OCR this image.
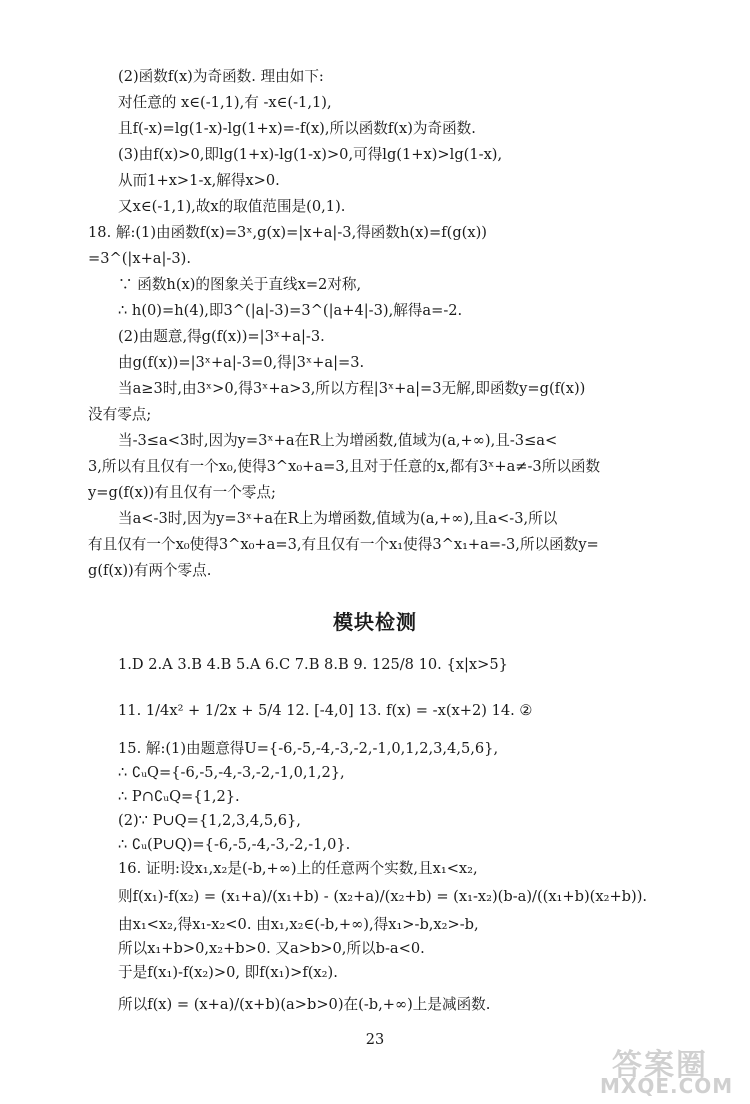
(2)函数f(x)为奇函数. 理由如下:
对任意的 x∈(-1,1),有 -x∈(-1,1),
且f(-x)=lg(1-x)-lg(1+x)=-f(x),所以函数f(x)为奇函数.
(3)由f(x)>0,即lg(1+x)-lg(1-x)>0,可得lg(1+x)>lg(1-x),
从而1+x>1-x,解得x>0.
又x∈(-1,1),故x的取值范围是(0,1).
18. 解:(1)由函数f(x)=3ˣ,g(x)=|x+a|-3,得函数h(x)=f(g(x))
=3^(|x+a|-3).
∵ 函数h(x)的图象关于直线x=2对称,
∴ h(0)=h(4),即3^(|a|-3)=3^(|a+4|-3),解得a=-2.
(2)由题意,得g(f(x))=|3ˣ+a|-3.
由g(f(x))=|3ˣ+a|-3=0,得|3ˣ+a|=3.
当a≥3时,由3ˣ>0,得3ˣ+a>3,所以方程|3ˣ+a|=3无解,即函数y=g(f(x))
没有零点;
当-3≤a<3时,因为y=3ˣ+a在R上为增函数,值域为(a,+∞),且-3≤a<
3,所以有且仅有一个x₀,使得3^x₀+a=3,且对于任意的x,都有3ˣ+a≠-3所以函数
y=g(f(x))有且仅有一个零点;
当a<-3时,因为y=3ˣ+a在R上为增函数,值域为(a,+∞),且a<-3,所以
有且仅有一个x₀使得3^x₀+a=3,有且仅有一个x₁使得3^x₁+a=-3,所以函数y=
g(f(x))有两个零点.
模块检测
1.D 2.A 3.B 4.B 5.A 6.C 7.B 8.B 9. 125/8 10. {x|x>5}
11. 1/4x² + 1/2x + 5/4 12. [-4,0] 13. f(x) = -x(x+2) 14. ②
15. 解:(1)由题意得U={-6,-5,-4,-3,-2,-1,0,1,2,3,4,5,6},
∴ ∁ᵤQ={-6,-5,-4,-3,-2,-1,0,1,2},
∴ P∩∁ᵤQ={1,2}.
(2)∵ P∪Q={1,2,3,4,5,6},
∴ ∁ᵤ(P∪Q)={-6,-5,-4,-3,-2,-1,0}.
16. 证明:设x₁,x₂是(-b,+∞)上的任意两个实数,且x₁<x₂,
则f(x₁)-f(x₂) = (x₁+a)/(x₁+b) - (x₂+a)/(x₂+b) = (x₁-x₂)(b-a)/((x₁+b)(x₂+b)).
由x₁<x₂,得x₁-x₂<0. 由x₁,x₂∈(-b,+∞),得x₁>-b,x₂>-b,
所以x₁+b>0,x₂+b>0. 又a>b>0,所以b-a<0.
于是f(x₁)-f(x₂)>0, 即f(x₁)>f(x₂).
所以f(x) = (x+a)/(x+b)(a>b>0)在(-b,+∞)上是减函数.
23
答案圈
MXQE.COM
